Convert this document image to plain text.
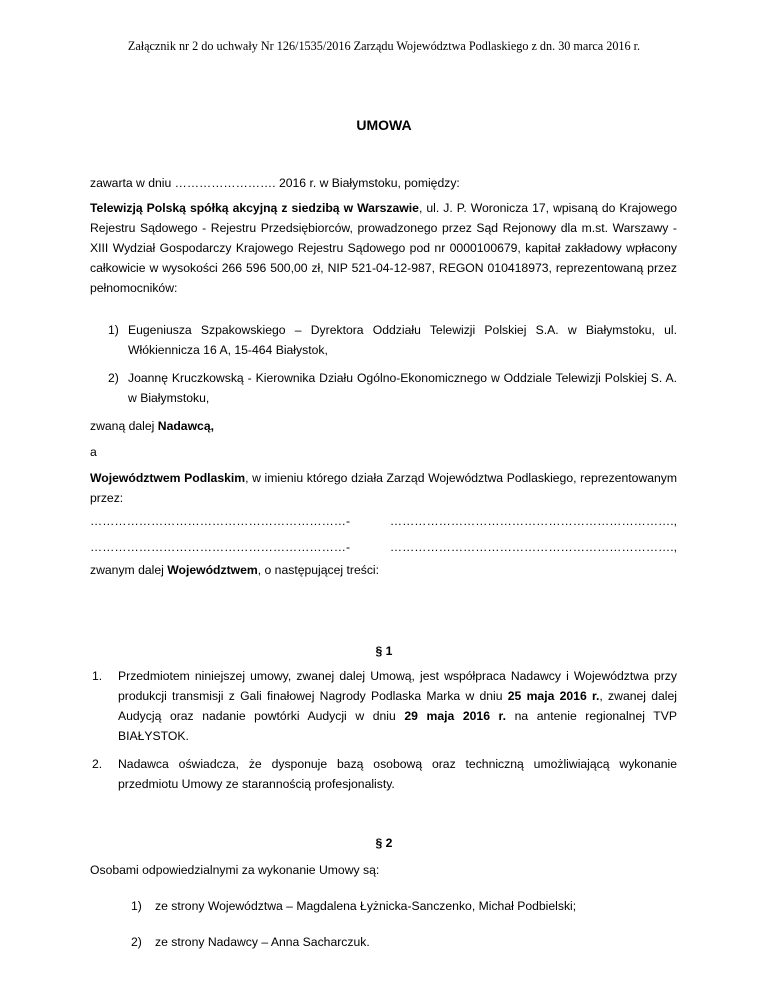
Załącznik nr 2 do uchwały Nr 126/1535/2016 Zarządu Województwa Podlaskiego z dn. 30 marca 2016 r.
UMOWA
zawarta w dniu ……………………. 2016 r. w Białymstoku, pomiędzy:
Telewizją Polską spółką akcyjną z siedzibą w Warszawie, ul. J. P. Woronicza 17, wpisaną do Krajowego Rejestru Sądowego - Rejestru Przedsiębiorców, prowadzonego przez Sąd Rejonowy dla m.st. Warszawy - XIII Wydział Gospodarczy Krajowego Rejestru Sądowego pod nr 0000100679, kapitał zakładowy wpłacony całkowicie w wysokości 266 596 500,00 zł, NIP 521-04-12-987, REGON 010418973, reprezentowaną przez pełnomocników:
1) Eugeniusza Szpakowskiego – Dyrektora Oddziału Telewizji Polskiej S.A. w Białymstoku, ul. Włókiennicza 16 A, 15-464 Białystok,
2) Joannę Kruczkowską - Kierownika Działu Ogólno-Ekonomicznego w Oddziale Telewizji Polskiej S. A. w Białymstoku,
zwaną dalej Nadawcą,
a
Województwem Podlaskim, w imieniu którego działa Zarząd Województwa Podlaskiego, reprezentowanym przez:
………………………………………………………-	…………………………………………………………….,
………………………………………………………-	…………………………………………………………….,
zwanym dalej Województwem, o następującej treści:
§ 1
1. Przedmiotem niniejszej umowy, zwanej dalej Umową, jest współpraca Nadawcy i Województwa przy produkcji transmisji z Gali finałowej Nagrody Podlaska Marka w dniu 25 maja 2016 r., zwanej dalej Audycją oraz nadanie powtórki Audycji w dniu 29 maja 2016 r. na antenie regionalnej TVP BIAŁYSTOK.
2. Nadawca oświadcza, że dysponuje bazą osobową oraz techniczną umożliwiającą wykonanie przedmiotu Umowy ze starannością profesjonalisty.
§ 2
Osobami odpowiedzialnymi za wykonanie Umowy są:
1) ze strony Województwa – Magdalena Łyżnicka-Sanczenko, Michał Podbielski;
2) ze strony Nadawcy – Anna Sacharczuk.
